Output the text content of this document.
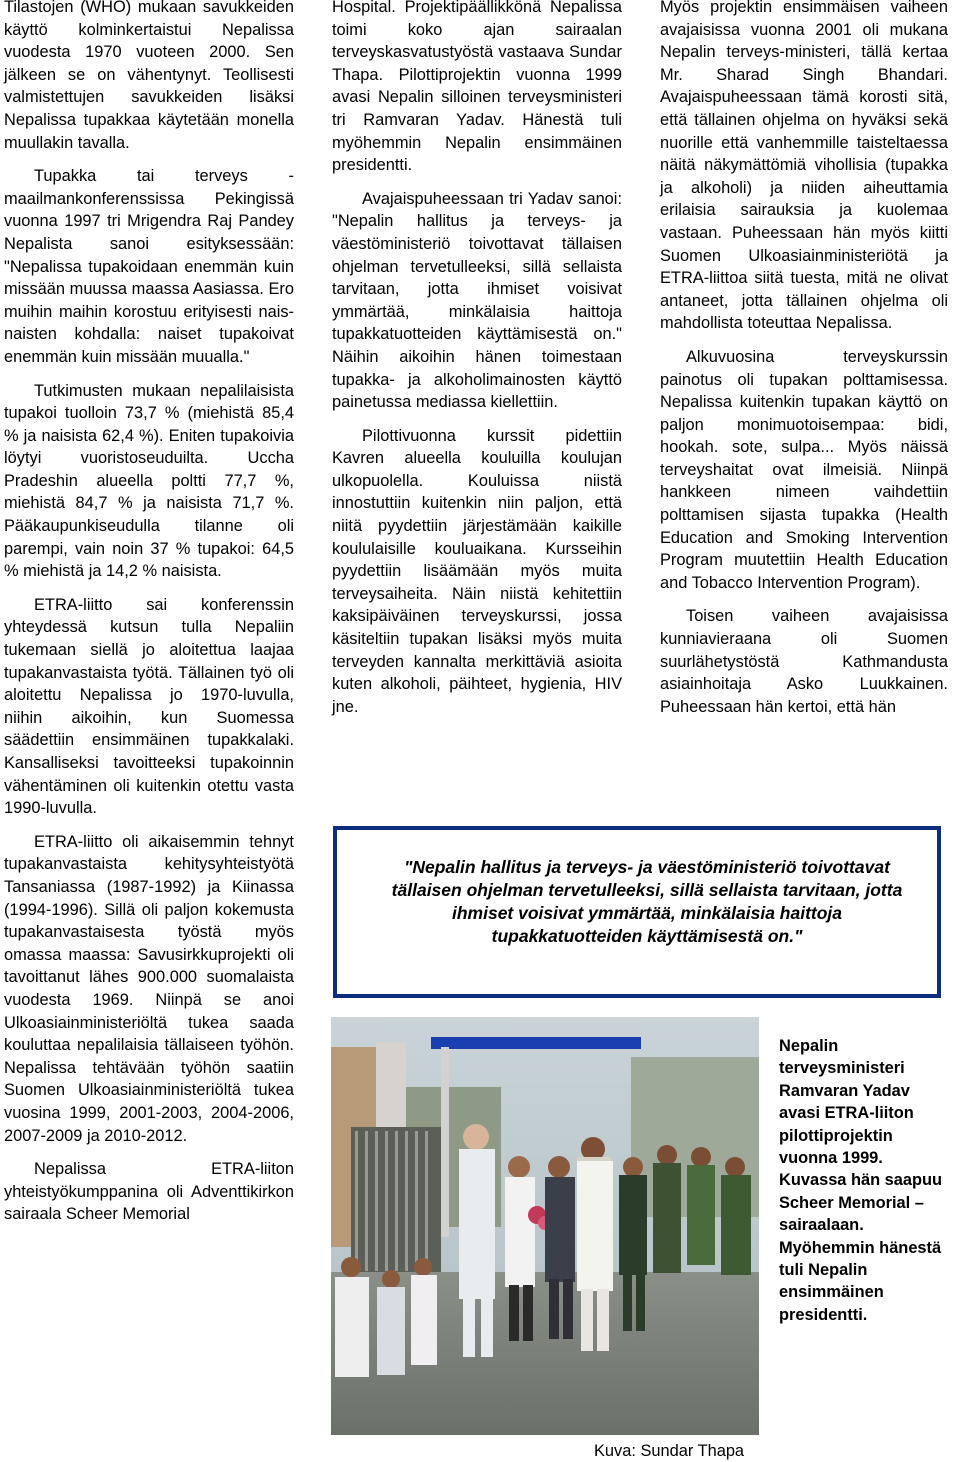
Tilastojen (WHO) mukaan savukkeiden käyttö kolminkertaistui Nepalissa vuodesta 1970 vuoteen 2000. Sen jälkeen se on vähentynyt. Teollisesti valmistettujen savukkeiden lisäksi Nepalissa tupakkaa käytetään monella muullakin tavalla.

Tupakka tai terveys -maailmankonferenssissa Pekingissä vuonna 1997 tri Mrigendra Raj Pandey Nepalista sanoi esityksessään: "Nepalissa tupakoidaan enemmän kuin missään muussa maassa Aasiassa. Ero muihin maihin korostuu erityisesti nais-naisten kohdalla: naiset tupakoivat enemmän kuin missään muualla."

Tutkimusten mukaan nepalilaisista tupakoi tuolloin 73,7 % (miehistä 85,4 % ja naisista 62,4 %). Eniten tupakoivia löytyi vuoristoseuduilta. Uccha Pradeshin alueella poltti 77,7 %, miehistä 84,7 % ja naisista 71,7 %. Pääkaupunkiseudulla tilanne oli parempi, vain noin 37 % tupakoi: 64,5 % miehistä ja 14,2 % naisista.

ETRA-liitto sai konferenssin yhteydessä kutsun tulla Nepaliin tukemaan siellä jo aloitettua laajaa tupakanvastaista työtä. Tällainen työ oli aloitettu Nepalissa jo 1970-luvulla, niihin aikoihin, kun Suomessa säädettiin ensimmäinen tupakkalaki. Kansalliseksi tavoitteeksi tupakoinnin vähentäminen oli kuitenkin otettu vasta 1990-luvulla.

ETRA-liitto oli aikaisemmin tehnyt tupakanvastaista kehitysyhteistyötä Tansaniassa (1987-1992) ja Kiinassa (1994-1996). Sillä oli paljon kokemusta tupakanvastaisesta työstä myös omassa maassa: Savusirkkuprojekti oli tavoittanut lähes 900.000 suomalaista vuodesta 1969. Niinpä se anoi Ulkoasiainministeriöltä tukea saada kouluttaa nepalilaisia tällaiseen työhön. Nepalissa tehtävään työhön saatiin Suomen Ulkoasiainministeriöltä tukea vuosina 1999, 2001-2003, 2004-2006, 2007-2009 ja 2010-2012.

Nepalissa ETRA-liiton yhteistyökumppanina oli Adventtikirkon sairaala Scheer Memorial

Hospital. Projektipäällikkönä Nepalissa toimi koko ajan sairaalan terveyskasvatustyöstä vastaava Sundar Thapa. Pilottiprojektin vuonna 1999 avasi Nepalin silloinen terveysministeri tri Ramvaran Yadav. Hänestä tuli myöhemmin Nepalin ensimmäinen presidentti.

Avajaispuheessaan tri Yadav sanoi: "Nepalin hallitus ja terveys- ja väestöministeriö toivottavat tällaisen ohjelman tervetulleeksi, sillä sellaista tarvitaan, jotta ihmiset voisivat ymmärtää, minkälaisia haittoja tupakkatuotteiden käyttämisestä on." Näihin aikoihin hänen toimestaan tupakka- ja alkoholimainosten käyttö painetussa mediassa kiellettiin.

Pilottivuonna kurssit pidettiin Kavren alueella kouluilla koulujan ulkopuolella. Kouluissa niistä innostuttiin kuitenkin niin paljon, että niitä pyydettiin järjestämään kaikille koululaisille kouluaikana. Kursseihin pyydettiin lisäämään myös muita terveysaiheita. Näin niistä kehitettiin kaksipäiväinen terveyskurssi, jossa käsiteltiin tupakan lisäksi myös muita terveyden kannalta merkittäviä asioita kuten alkoholi, päihteet, hygienia, HIV jne.

Myös projektin ensimmäisen vaiheen avajaisissa vuonna 2001 oli mukana Nepalin terveys-ministeri, tällä kertaa Mr. Sharad Singh Bhandari. Avajaispuheessaan tämä korosti sitä, että tällainen ohjelma on hyväksi sekä nuorille että vanhemmille taisteltaessa näitä näkymättömiä vihollisia (tupakka ja alkoholi) ja niiden aiheuttamia erilaisia sairauksia ja kuolemaa vastaan. Puheessaan hän myös kiitti Suomen Ulkoasiainministeriötä ja ETRA-liittoa siitä tuesta, mitä ne olivat antaneet, jotta tällainen ohjelma oli mahdollista toteuttaa Nepalissa.

Alkuvuosina terveyskurssin painotus oli tupakan polttamisessa. Nepalissa kuitenkin tupakan käyttö on paljon monimuotoisempaa: bidi, hookah. sote, sulpa... Myös näissä terveyshaitat ovat ilmeisiä. Niinpä hankkeen nimeen vaihdettiin polttamisen sijasta tupakka (Health Education and Smoking Intervention Program muutettiin Health Education and Tobacco Intervention Program).

Toisen vaiheen avajaisissa kunniavieraana oli Suomen suurlähetystöstä Kathmandusta asiainhoitaja Asko Luukkainen. Puheessaan hän kertoi, että hän

"Nepalin hallitus ja terveys- ja väestöministeriö toivottavat tällaisen ohjelman tervetulleeksi, sillä sellaista tarvitaan, jotta ihmiset voisivat ymmärtää, minkälaisia haittoja tupakkatuotteiden käyttämisestä on."
Nepalin terveysministeri Ramvaran Yadav avasi ETRA-liiton pilottiprojektin vuonna 1999. Kuvassa hän saapuu Scheer Memorial –sairaalaan. Myöhemmin hänestä tuli Nepalin ensimmäinen presidentti.
Kuva: Sundar Thapa
